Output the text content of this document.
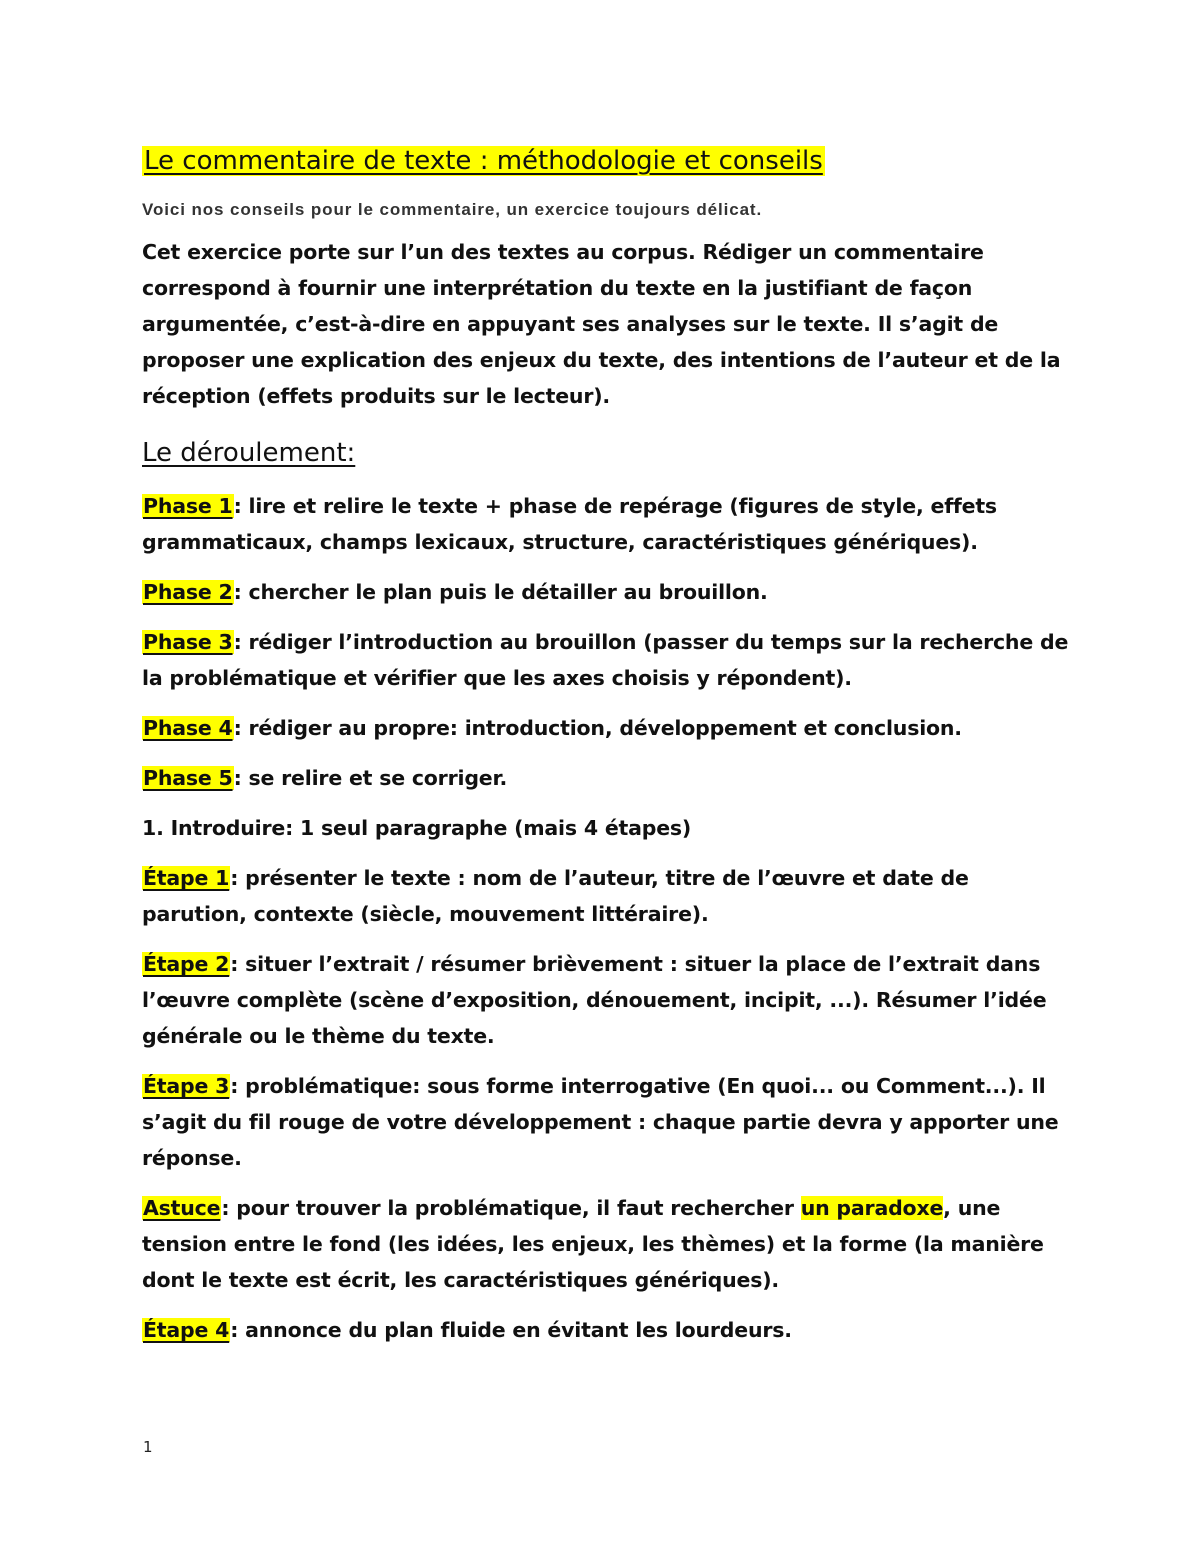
Le commentaire de texte : méthodologie et conseils
Voici nos conseils pour le commentaire, un exercice toujours délicat.

Cet exercice porte sur l’un des textes au corpus. Rédiger un commentaire correspond à fournir une interprétation du texte en la justifiant de façon argumentée, c’est-à-dire en appuyant ses analyses sur le texte. Il s’agit de proposer une explication des enjeux du texte, des intentions de l’auteur et de la réception (effets produits sur le lecteur).

Le déroulement:

Phase 1: lire et relire le texte + phase de repérage (figures de style, effets grammaticaux, champs lexicaux, structure, caractéristiques génériques).

Phase 2: chercher le plan puis le détailler au brouillon.

Phase 3: rédiger l’introduction au brouillon (passer du temps sur la recherche de la problématique et vérifier que les axes choisis y répondent).

Phase 4: rédiger au propre: introduction, développement et conclusion.

Phase 5: se relire et se corriger.

1. Introduire: 1 seul paragraphe (mais 4 étapes)

Étape 1: présenter le texte : nom de l’auteur, titre de l’œuvre et date de parution, contexte (siècle, mouvement littéraire).

Étape 2: situer l’extrait / résumer brièvement : situer la place de l’extrait dans l’œuvre complète (scène d’exposition, dénouement, incipit, ...). Résumer l’idée générale ou le thème du texte.

Étape 3: problématique: sous forme interrogative (En quoi... ou Comment...). Il s’agit du fil rouge de votre développement : chaque partie devra y apporter une réponse.

Astuce: pour trouver la problématique, il faut rechercher un paradoxe, une tension entre le fond (les idées, les enjeux, les thèmes) et la forme (la manière dont le texte est écrit, les caractéristiques génériques).

Étape 4: annonce du plan fluide en évitant les lourdeurs.

1
